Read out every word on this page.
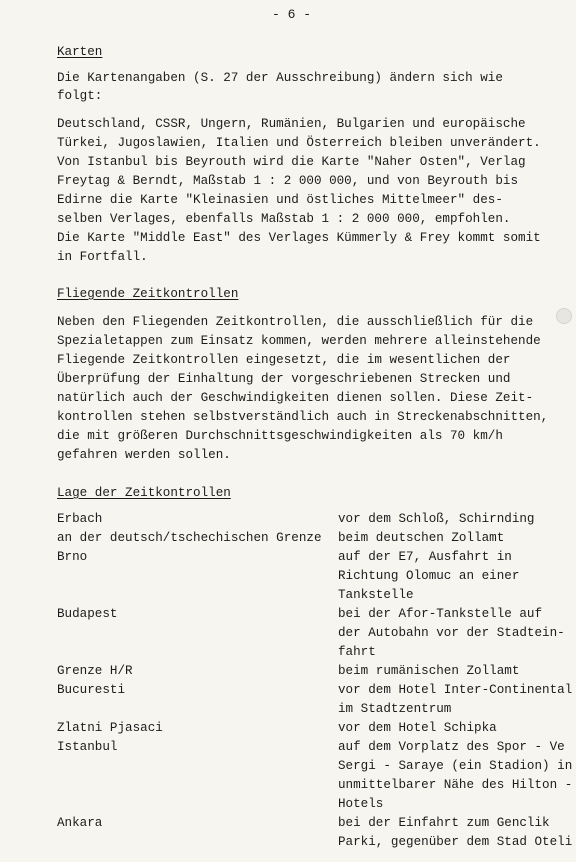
- 6 -
Karten
Die Kartenangaben (S. 27 der Ausschreibung) ändern sich wie
folgt:
Deutschland, CSSR, Ungern, Rumänien, Bulgarien und europäische
Türkei, Jugoslawien, Italien und Österreich bleiben unverändert.
Von Istanbul bis Beyrouth wird die Karte "Naher Osten", Verlag
Freytag & Berndt, Maßstab 1 : 2 000 000, und von Beyrouth bis
Edirne die Karte "Kleinasien und östliches Mittelmeer" des-
selben Verlages, ebenfalls Maßstab 1 : 2 000 000, empfohlen.
Die Karte "Middle East" des Verlages Kümmerly & Frey kommt somit
in Fortfall.
Fliegende Zeitkontrollen
Neben den Fliegenden Zeitkontrollen, die ausschließlich für die
Spezialetappen zum Einsatz kommen, werden mehrere alleinstehende
Fliegende Zeitkontrollen eingesetzt, die im wesentlichen der
Überprüfung der Einhaltung der vorgeschriebenen Strecken und
natürlich auch der Geschwindigkeiten dienen sollen. Diese Zeit-
kontrollen stehen selbstverständlich auch in Streckenabschnitten,
die mit größeren Durchschnittsgeschwindigkeiten als 70 km/h
gefahren werden sollen.
Lage der Zeitkontrollen
Erbach
an der deutsch/tschechischen Grenze
Brno
Budapest
Grenze H/R
Bucuresti
Zlatni Pjasaci
Istanbul
Ankara
vor dem Schloß, Schirnding
beim deutschen Zollamt
auf der E7, Ausfahrt in
Richtung Olomuc an einer
Tankstelle
bei der Afor-Tankstelle auf
der Autobahn vor der Stadtein-
fahrt
beim rumänischen Zollamt
vor dem Hotel Inter-Continental
im Stadtzentrum
vor dem Hotel Schipka
auf dem Vorplatz des Spor - Ve
Sergi - Saraye (ein Stadion) in
unmittelbarer Nähe des Hilton -
Hotels
bei der Einfahrt zum Genclik
Parki, gegenüber dem Stad Oteli
